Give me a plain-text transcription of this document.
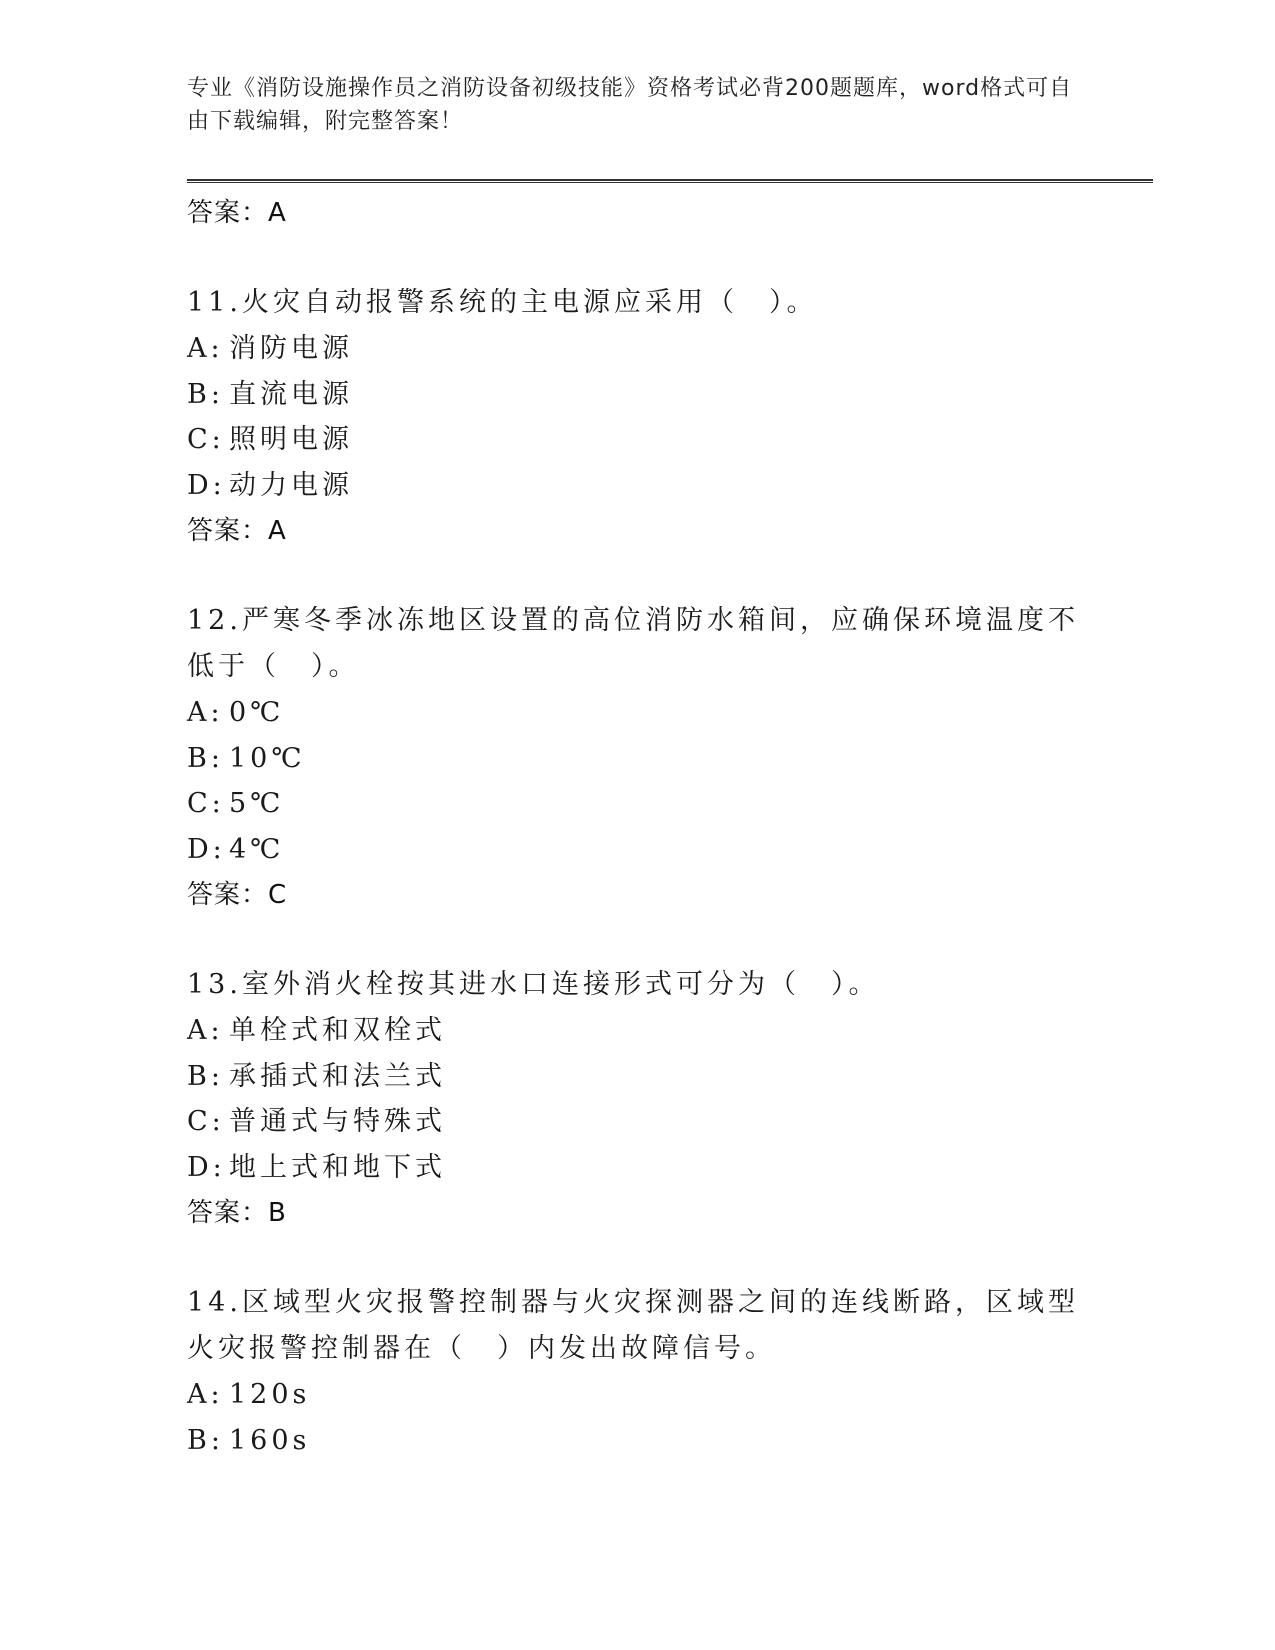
专业《消防设施操作员之消防设备初级技能》资格考试必背200题题库，word格式可自由下载编辑，附完整答案！
答案：A
11.火灾自动报警系统的主电源应采用（　）。
A: 消防电源
B: 直流电源
C: 照明电源
D: 动力电源
答案：A
12.严寒冬季冰冻地区设置的高位消防水箱间，应确保环境温度不低于（　）。
A: 0℃
B: 10℃
C: 5℃
D: 4℃
答案：C
13.室外消火栓按其进水口连接形式可分为（　）。
A: 单栓式和双栓式
B: 承插式和法兰式
C: 普通式与特殊式
D: 地上式和地下式
答案：B
14.区域型火灾报警控制器与火灾探测器之间的连线断路，区域型火灾报警控制器在（　）内发出故障信号。
A: 120s
B: 160s
